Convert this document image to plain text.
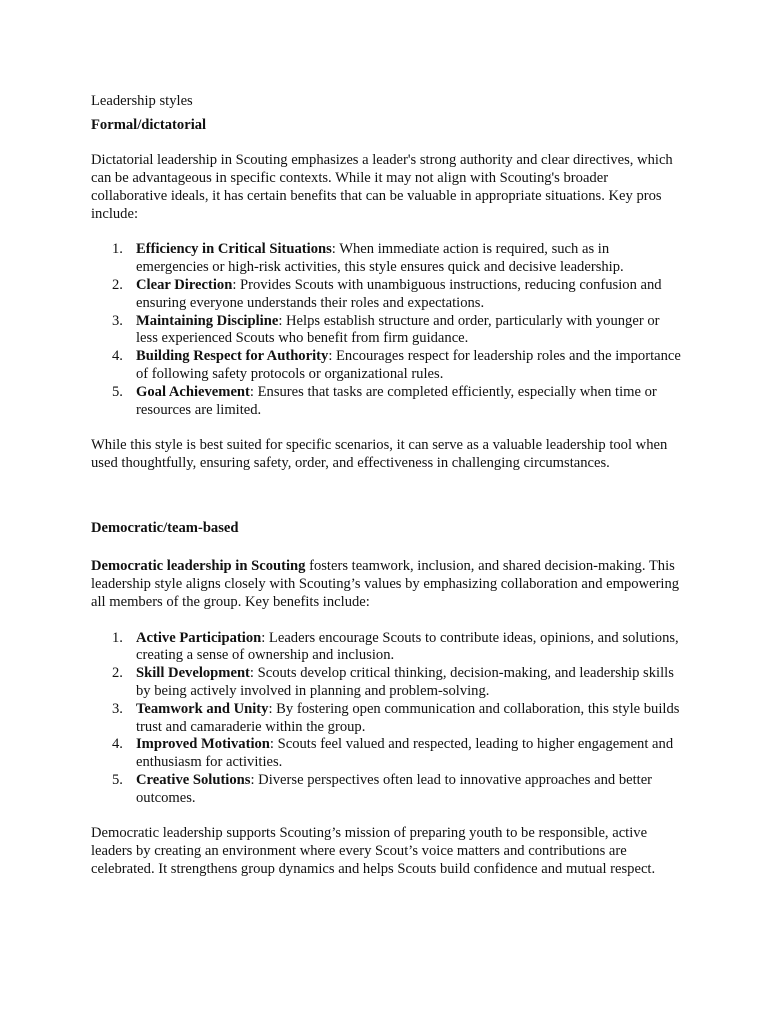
Leadership styles

Formal/dictatorial

Dictatorial leadership in Scouting emphasizes a leader's strong authority and clear directives, which can be advantageous in specific contexts. While it may not align with Scouting's broader collaborative ideals, it has certain benefits that can be valuable in appropriate situations. Key pros include:

1. Efficiency in Critical Situations: When immediate action is required, such as in emergencies or high-risk activities, this style ensures quick and decisive leadership.
2. Clear Direction: Provides Scouts with unambiguous instructions, reducing confusion and ensuring everyone understands their roles and expectations.
3. Maintaining Discipline: Helps establish structure and order, particularly with younger or less experienced Scouts who benefit from firm guidance.
4. Building Respect for Authority: Encourages respect for leadership roles and the importance of following safety protocols or organizational rules.
5. Goal Achievement: Ensures that tasks are completed efficiently, especially when time or resources are limited.

While this style is best suited for specific scenarios, it can serve as a valuable leadership tool when used thoughtfully, ensuring safety, order, and effectiveness in challenging circumstances.

Democratic/team-based

Democratic leadership in Scouting fosters teamwork, inclusion, and shared decision-making. This leadership style aligns closely with Scouting’s values by emphasizing collaboration and empowering all members of the group. Key benefits include:

1. Active Participation: Leaders encourage Scouts to contribute ideas, opinions, and solutions, creating a sense of ownership and inclusion.
2. Skill Development: Scouts develop critical thinking, decision-making, and leadership skills by being actively involved in planning and problem-solving.
3. Teamwork and Unity: By fostering open communication and collaboration, this style builds trust and camaraderie within the group.
4. Improved Motivation: Scouts feel valued and respected, leading to higher engagement and enthusiasm for activities.
5. Creative Solutions: Diverse perspectives often lead to innovative approaches and better outcomes.

Democratic leadership supports Scouting’s mission of preparing youth to be responsible, active leaders by creating an environment where every Scout’s voice matters and contributions are celebrated. It strengthens group dynamics and helps Scouts build confidence and mutual respect.
